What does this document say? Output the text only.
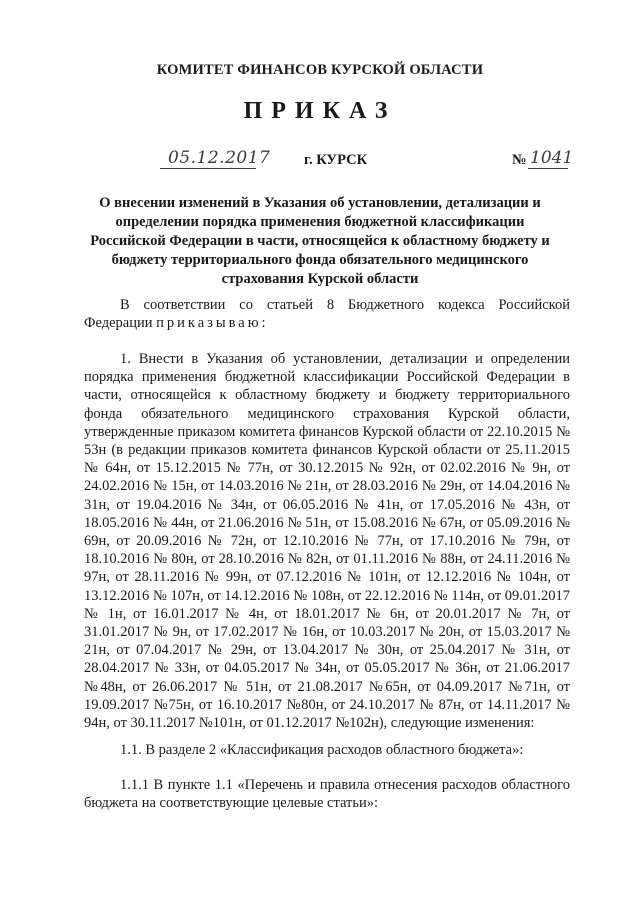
КОМИТЕТ ФИНАНСОВ КУРСКОЙ ОБЛАСТИ
ПРИКАЗ
05.12.2017 г. КУРСК	№ 1041
О внесении изменений в Указания об установлении, детализации и определении порядка применения бюджетной классификации Российской Федерации в части, относящейся к областному бюджету и бюджету территориального фонда обязательного медицинского страхования Курской области
В соответствии со статьей 8 Бюджетного кодекса Российской Федерации приказываю:
1. Внести в Указания об установлении, детализации и определении порядка применения бюджетной классификации Российской Федерации в части, относящейся к областному бюджету и бюджету территориального фонда обязательного медицинского страхования Курской области, утвержденные приказом комитета финансов Курской области от 22.10.2015 № 53н (в редакции приказов комитета финансов Курской области от 25.11.2015 № 64н, от 15.12.2015 № 77н, от 30.12.2015 № 92н, от 02.02.2016 № 9н, от 24.02.2016 № 15н, от 14.03.2016 № 21н, от 28.03.2016 № 29н, от 14.04.2016 № 31н, от 19.04.2016 № 34н, от 06.05.2016 № 41н, от 17.05.2016 № 43н, от 18.05.2016 № 44н, от 21.06.2016 № 51н, от 15.08.2016 № 67н, от 05.09.2016 № 69н, от 20.09.2016 № 72н, от 12.10.2016 № 77н, от 17.10.2016 № 79н, от 18.10.2016 № 80н, от 28.10.2016 № 82н, от 01.11.2016 № 88н, от 24.11.2016 № 97н, от 28.11.2016 № 99н, от 07.12.2016 № 101н, от 12.12.2016 № 104н, от 13.12.2016 № 107н, от 14.12.2016 № 108н, от 22.12.2016 № 114н, от 09.01.2017 № 1н, от 16.01.2017 № 4н, от 18.01.2017 № 6н, от 20.01.2017 № 7н, от 31.01.2017 № 9н, от 17.02.2017 № 16н, от 10.03.2017 № 20н, от 15.03.2017 № 21н, от 07.04.2017 № 29н, от 13.04.2017 № 30н, от 25.04.2017 № 31н, от 28.04.2017 № 33н, от 04.05.2017 № 34н, от 05.05.2017 № 36н, от 21.06.2017 №48н, от 26.06.2017 № 51н, от 21.08.2017 №65н, от 04.09.2017 №71н, от 19.09.2017 №75н, от 16.10.2017 №80н, от 24.10.2017 № 87н, от 14.11.2017 № 94н, от 30.11.2017 №101н, от 01.12.2017 №102н), следующие изменения:
1.1. В разделе 2 «Классификация расходов областного бюджета»:
1.1.1 В пункте 1.1 «Перечень и правила отнесения расходов областного бюджета на соответствующие целевые статьи»:
